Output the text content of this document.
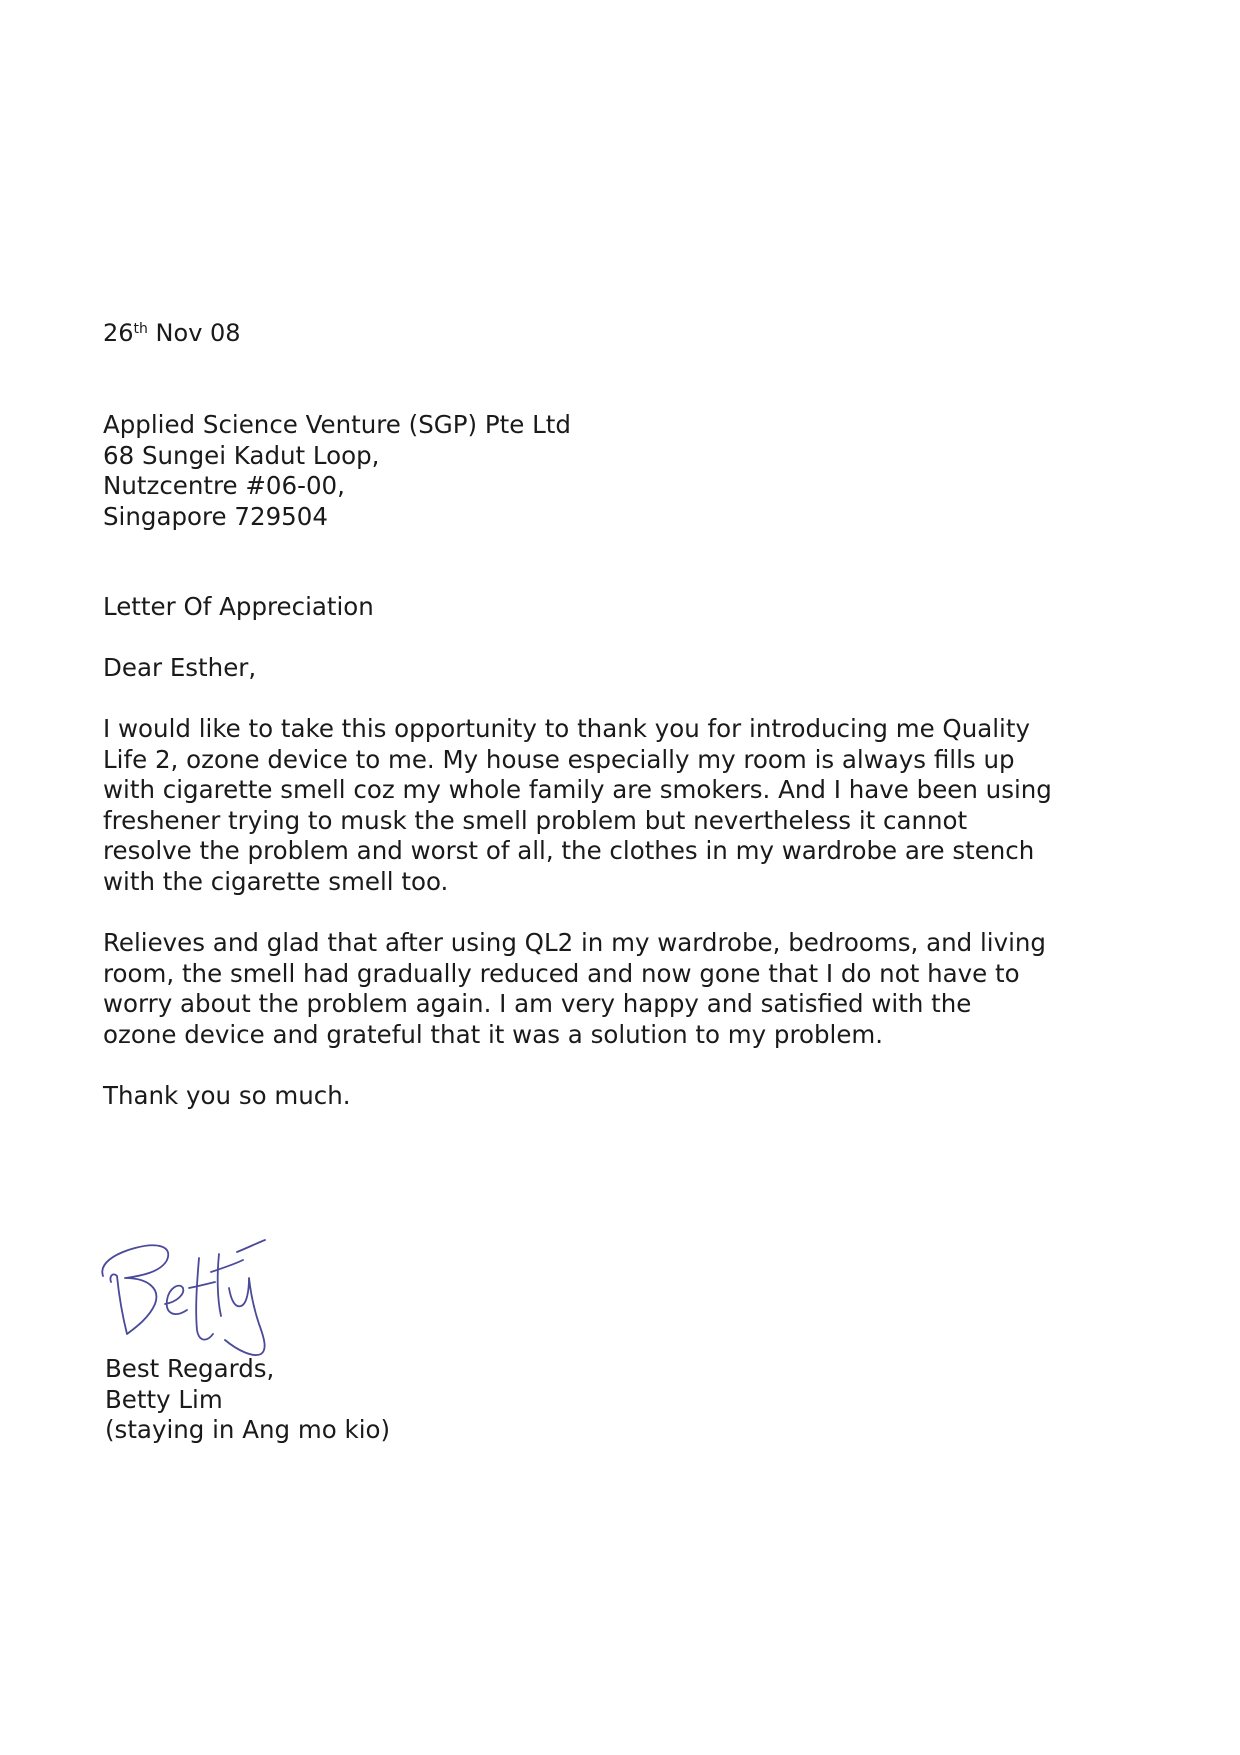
26th Nov 08
Applied Science Venture (SGP) Pte Ltd
68 Sungei Kadut Loop,
Nutzcentre #06-00,
Singapore 729504
Letter Of Appreciation
Dear Esther,
I would like to take this opportunity to thank you for introducing me Quality
Life 2, ozone device to me. My house especially my room is always fills up
with cigarette smell coz my whole family are smokers. And I have been using
freshener trying to musk the smell problem but nevertheless it cannot
resolve the problem and worst of all, the clothes in my wardrobe are stench
with the cigarette smell too.
Relieves and glad that after using QL2 in my wardrobe, bedrooms, and living
room, the smell had gradually reduced and now gone that I do not have to
worry about the problem again. I am very happy and satisfied with the
ozone device and grateful that it was a solution to my problem.
Thank you so much.
Best Regards,
Betty Lim
(staying in Ang mo kio)
